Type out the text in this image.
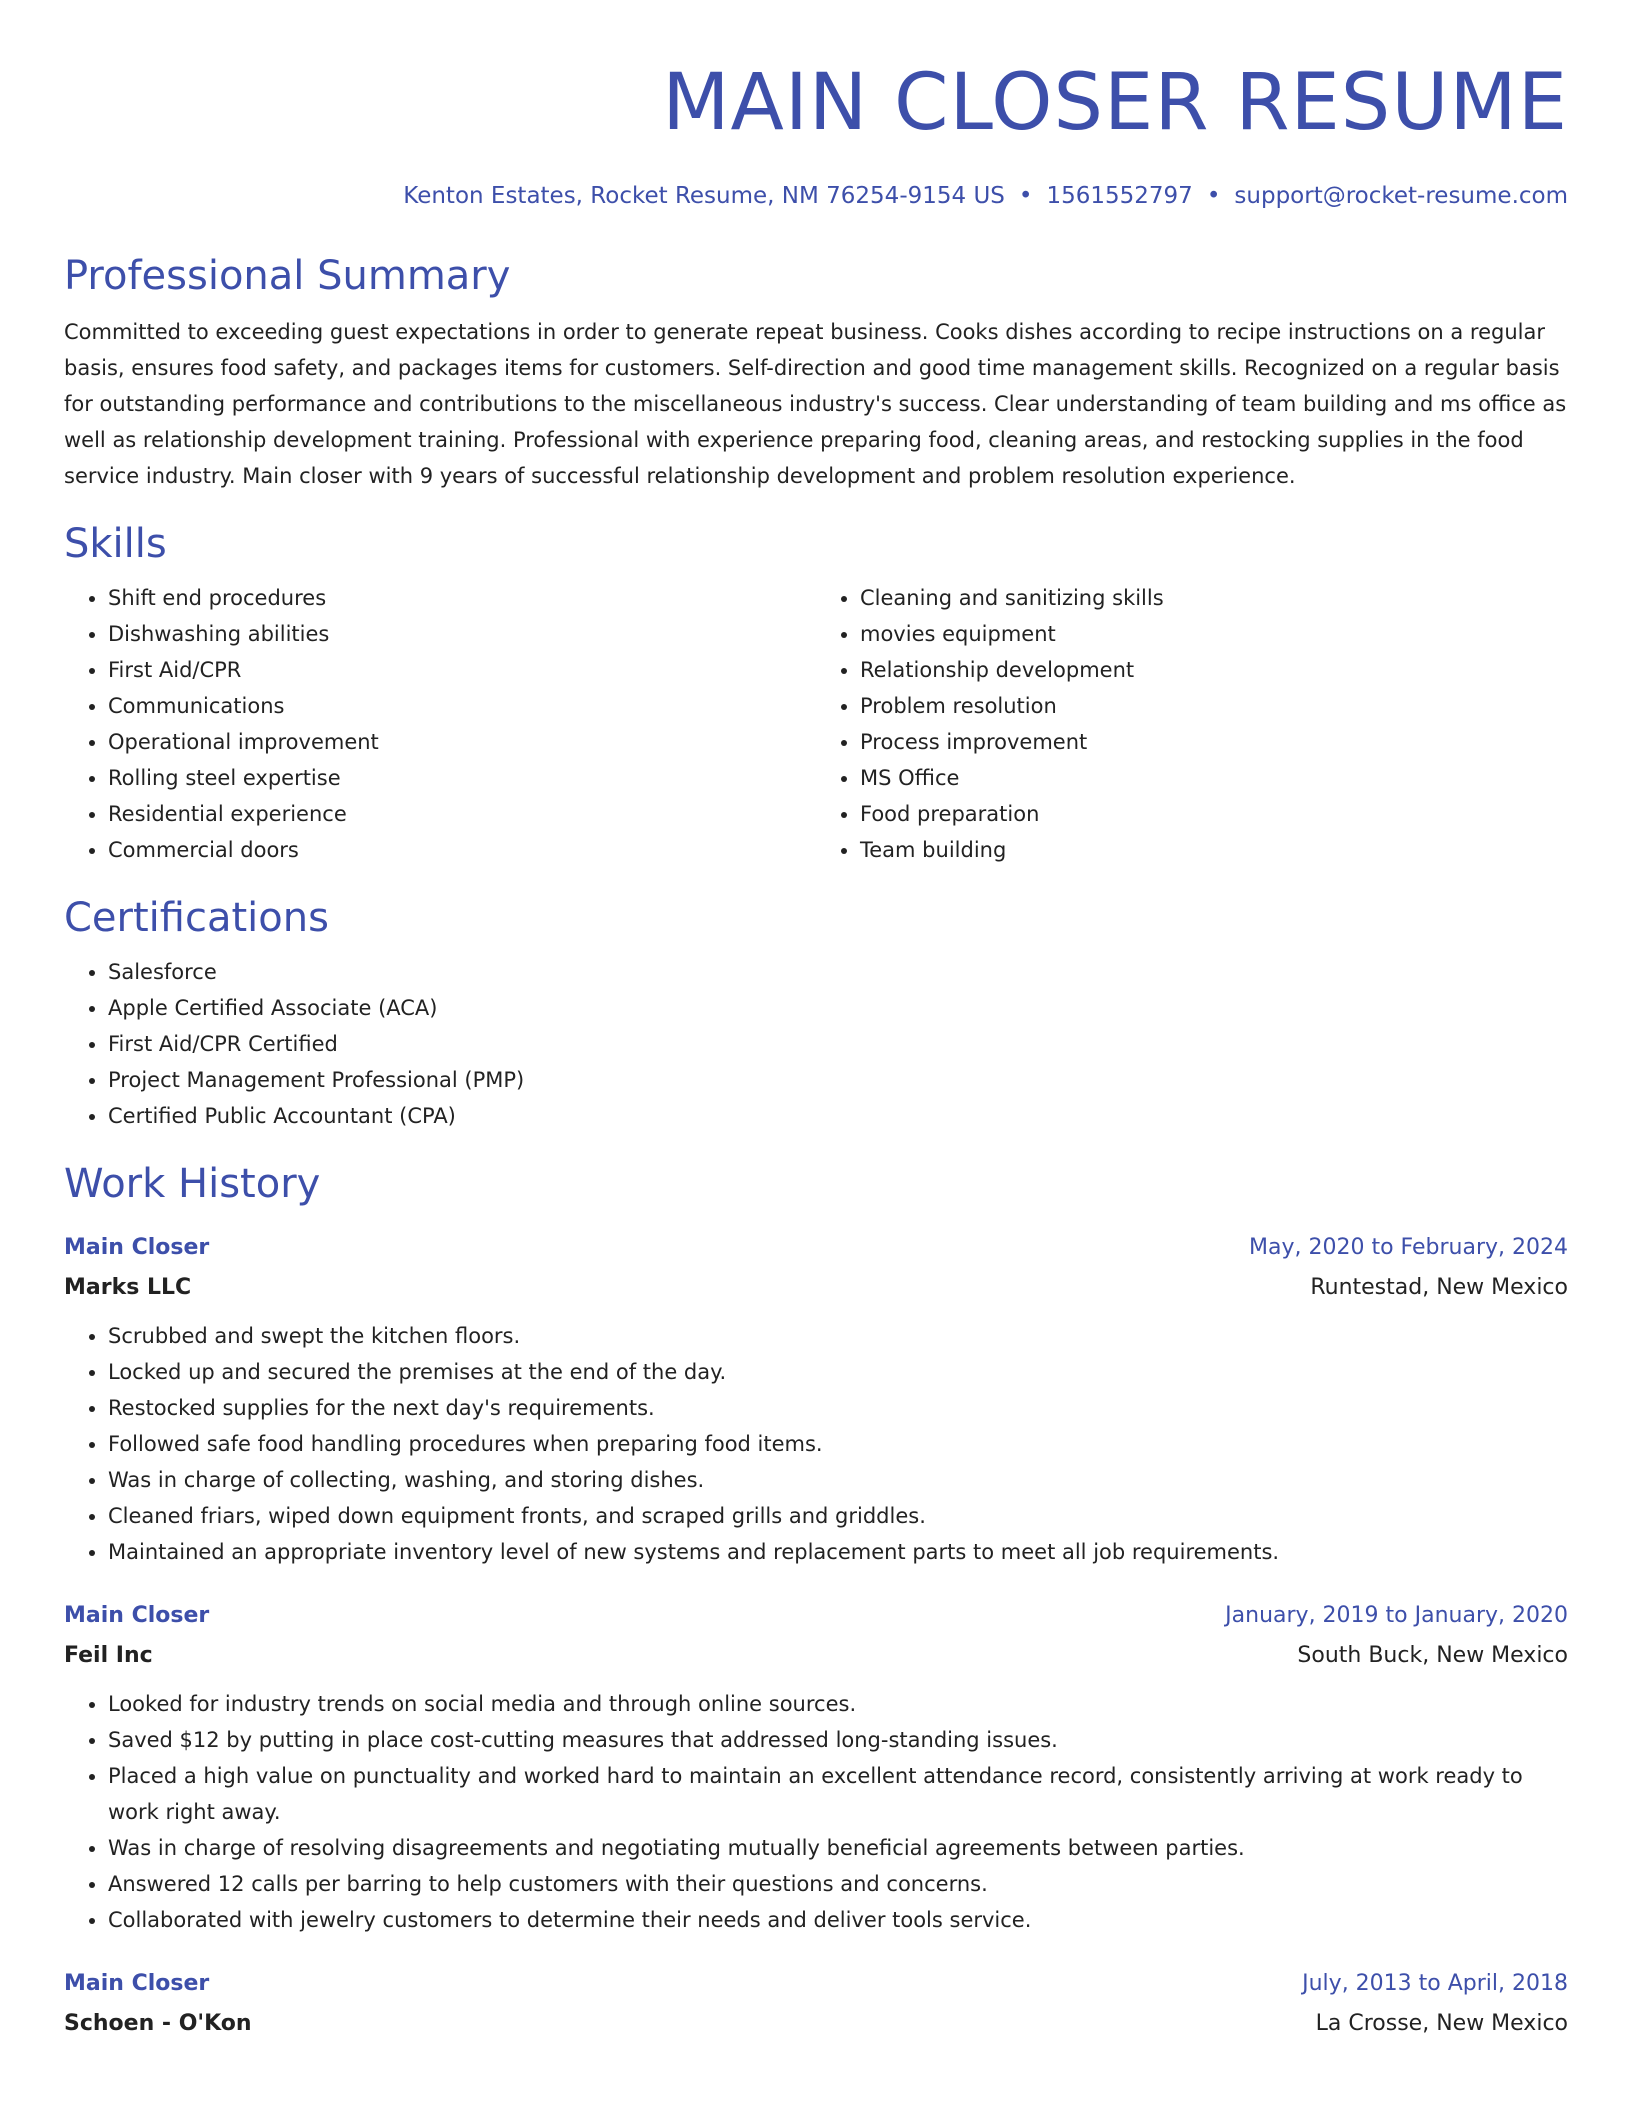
MAIN CLOSER RESUME
Kenton Estates, Rocket Resume, NM 76254-9154 US • 1561552797 • support@rocket-resume.com
Professional Summary
Committed to exceeding guest expectations in order to generate repeat business. Cooks dishes according to recipe instructions on a regular basis, ensures food safety, and packages items for customers. Self-direction and good time management skills. Recognized on a regular basis for outstanding performance and contributions to the miscellaneous industry's success. Clear understanding of team building and ms office as well as relationship development training. Professional with experience preparing food, cleaning areas, and restocking supplies in the food service industry. Main closer with 9 years of successful relationship development and problem resolution experience.
Skills
• Shift end procedures
• Dishwashing abilities
• First Aid/CPR
• Communications
• Operational improvement
• Rolling steel expertise
• Residential experience
• Commercial doors
• Cleaning and sanitizing skills
• movies equipment
• Relationship development
• Problem resolution
• Process improvement
• MS Office
• Food preparation
• Team building
Certifications
• Salesforce
• Apple Certified Associate (ACA)
• First Aid/CPR Certified
• Project Management Professional (PMP)
• Certified Public Accountant (CPA)
Work History
Main Closer	May, 2020 to February, 2024
Marks LLC	Runtestad, New Mexico
• Scrubbed and swept the kitchen floors.
• Locked up and secured the premises at the end of the day.
• Restocked supplies for the next day's requirements.
• Followed safe food handling procedures when preparing food items.
• Was in charge of collecting, washing, and storing dishes.
• Cleaned friars, wiped down equipment fronts, and scraped grills and griddles.
• Maintained an appropriate inventory level of new systems and replacement parts to meet all job requirements.
Main Closer	January, 2019 to January, 2020
Feil Inc	South Buck, New Mexico
• Looked for industry trends on social media and through online sources.
• Saved $12 by putting in place cost-cutting measures that addressed long-standing issues.
• Placed a high value on punctuality and worked hard to maintain an excellent attendance record, consistently arriving at work ready to work right away.
• Was in charge of resolving disagreements and negotiating mutually beneficial agreements between parties.
• Answered 12 calls per barring to help customers with their questions and concerns.
• Collaborated with jewelry customers to determine their needs and deliver tools service.
Main Closer	July, 2013 to April, 2018
Schoen - O'Kon	La Crosse, New Mexico
